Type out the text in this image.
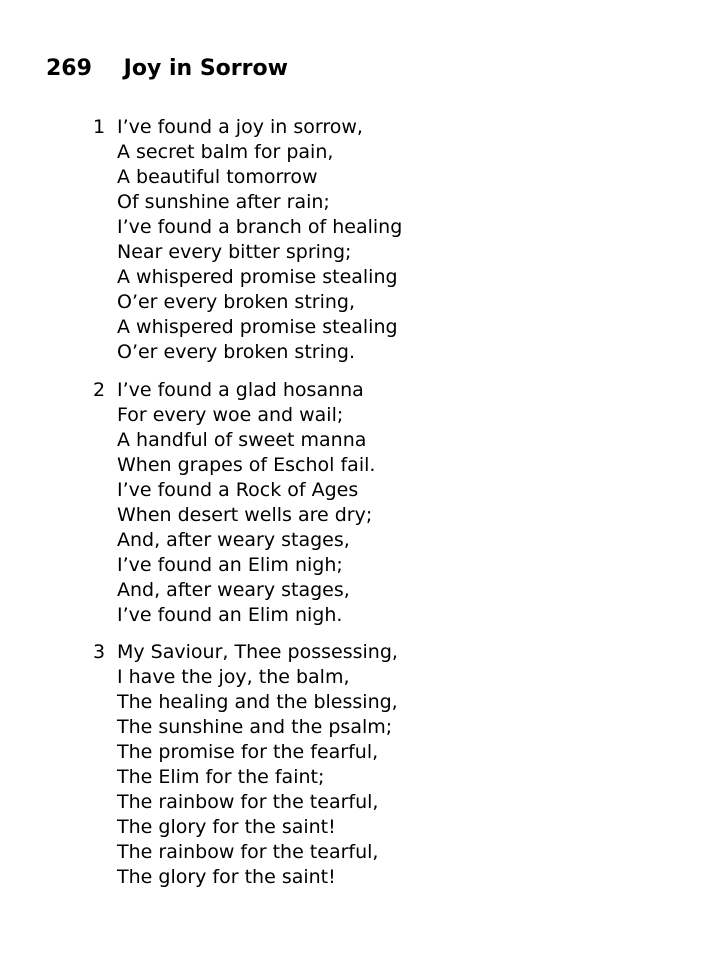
269 Joy in Sorrow
1 I’ve found a joy in sorrow,
A secret balm for pain,
A beautiful tomorrow
Of sunshine after rain;
I’ve found a branch of healing
Near every bitter spring;
A whispered promise stealing
O’er every broken string,
A whispered promise stealing
O’er every broken string.
2 I’ve found a glad hosanna
For every woe and wail;
A handful of sweet manna
When grapes of Eschol fail.
I’ve found a Rock of Ages
When desert wells are dry;
And, after weary stages,
I’ve found an Elim nigh;
And, after weary stages,
I’ve found an Elim nigh.
3 My Saviour, Thee possessing,
I have the joy, the balm,
The healing and the blessing,
The sunshine and the psalm;
The promise for the fearful,
The Elim for the faint;
The rainbow for the tearful,
The glory for the saint!
The rainbow for the tearful,
The glory for the saint!
